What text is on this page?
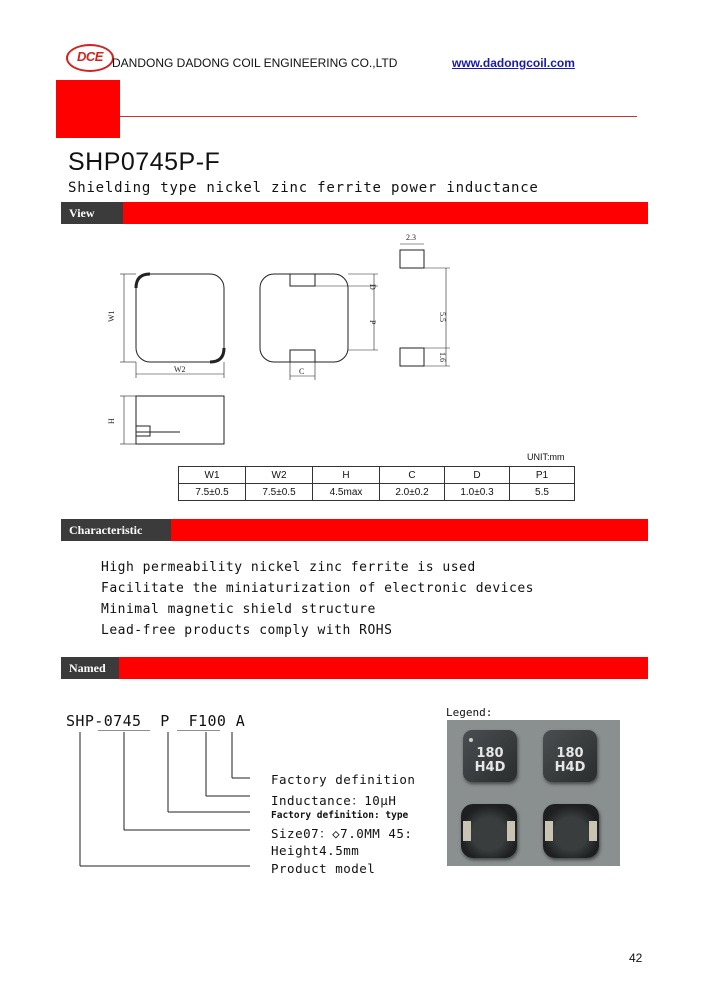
DCE DANDONG DADONG COIL ENGINEERING CO.,LTD	www.dadongcoil.com
SHP0745P-F
Shielding type nickel zinc ferrite power inductance
View
W1
W2
H
C
D
P
2.3
5.5
1.6
UNIT:mm
W1	W2	H	C	D	P1
7.5±0.5	7.5±0.5	4.5max	2.0±0.2	1.0±0.3	5.5
Characteristic
High permeability nickel zinc ferrite is used
Facilitate the miniaturization of electronic devices
Minimal magnetic shield structure
Lead-free products comply with ROHS
Named
SHP-0745  P  F100 A
Factory definition
Inductance：10μH
Factory definition: type
Size07：◇7.0MM 45:
Height4.5mm
Product model
Legend:
180
H4D
180
H4D
42
